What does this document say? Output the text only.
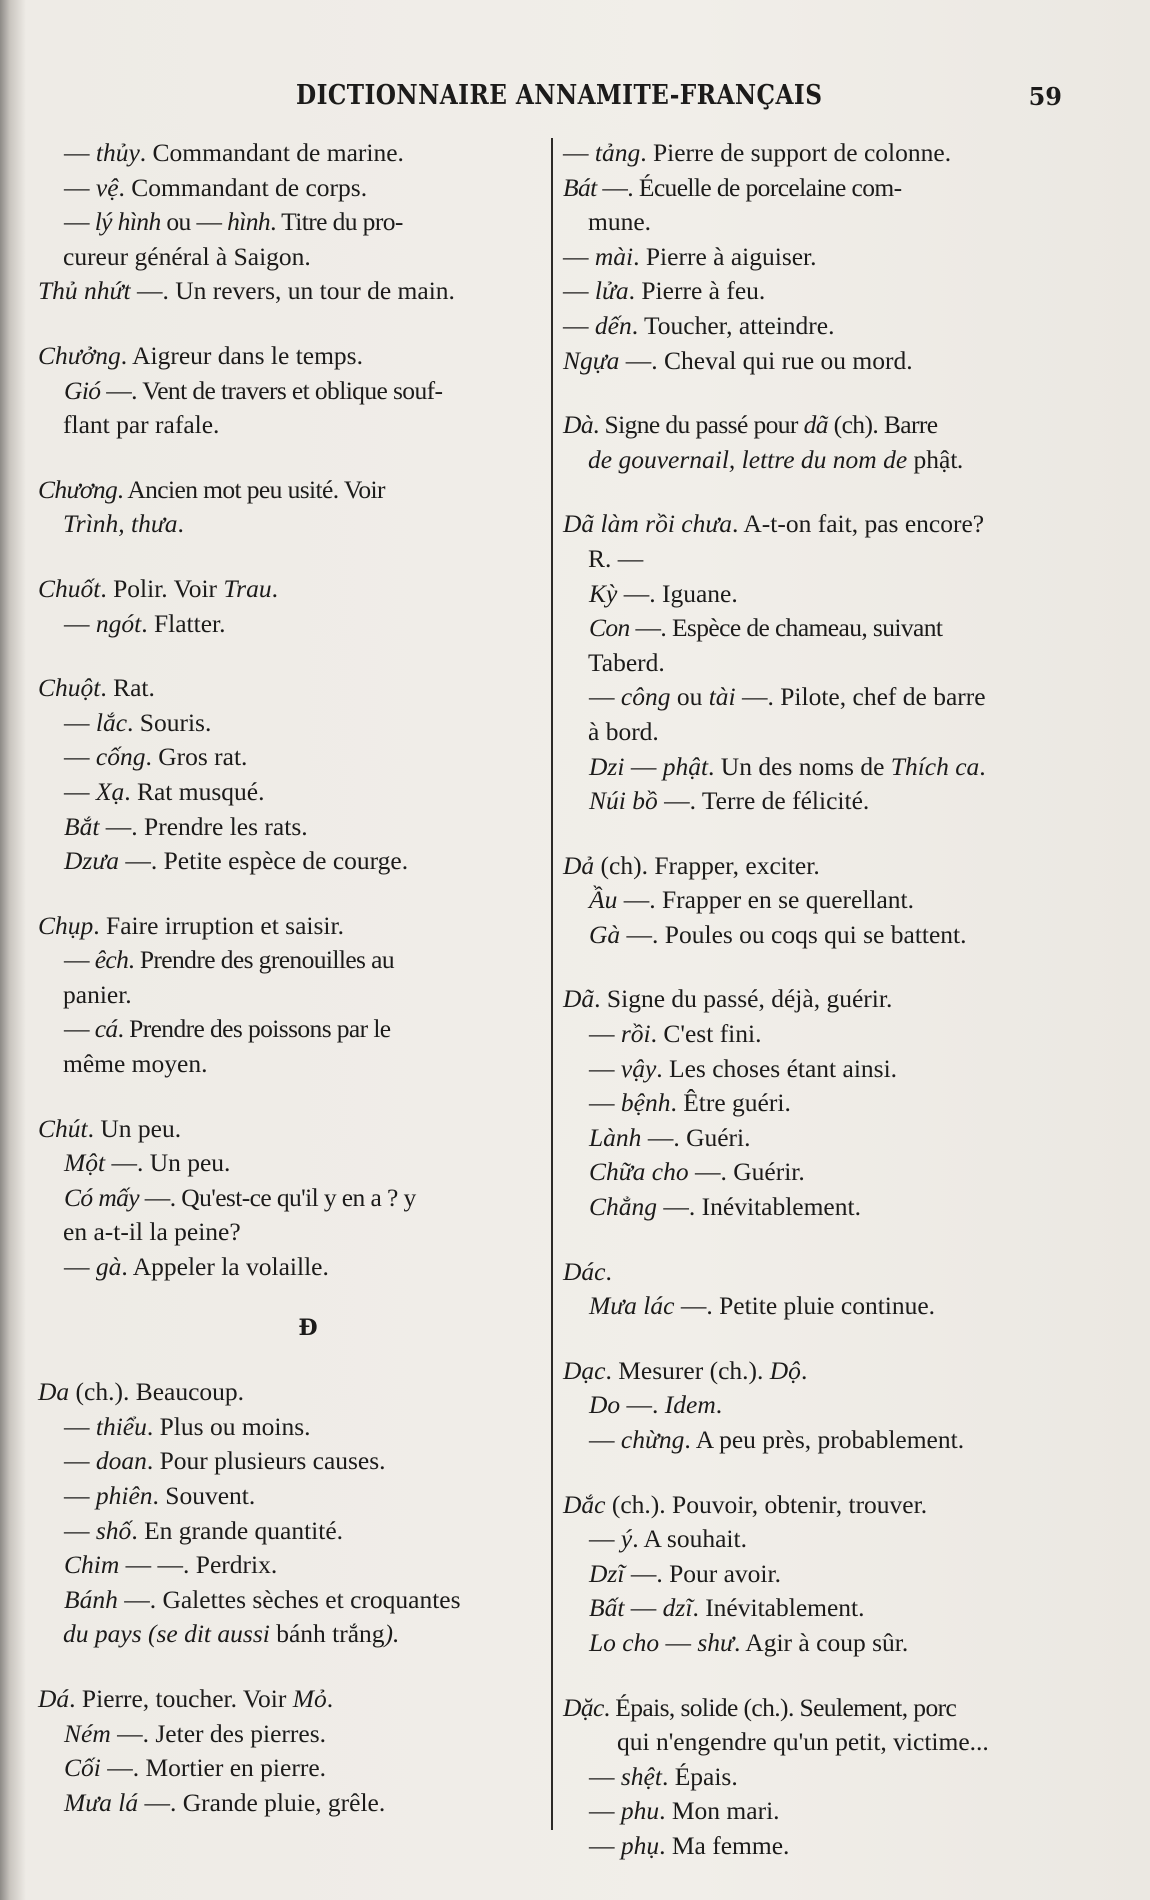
DICTIONNAIRE ANNAMITE-FRANÇAIS	59
— thủy. Commandant de marine.
— vệ. Commandant de corps.
— lý hình ou — hình. Titre du pro-
cureur général à Saigon.
Thủ nhứt —. Un revers, un tour de main.
Chưởng. Aigreur dans le temps.
Gió —. Vent de travers et oblique souf-
flant par rafale.
Chương. Ancien mot peu usité. Voir
Trình, thưa.
Chuốt. Polir. Voir Trau.
— ngót. Flatter.
Chuột. Rat.
— lắc. Souris.
— cống. Gros rat.
— Xạ. Rat musqué.
Bắt —. Prendre les rats.
Dzưa —. Petite espèce de courge.
Chụp. Faire irruption et saisir.
— êch. Prendre des grenouilles au
panier.
— cá. Prendre des poissons par le
même moyen.
Chút. Un peu.
Một —. Un peu.
Có mấy —. Qu'est-ce qu'il y en a ? y
en a-t-il la peine?
— gà. Appeler la volaille.
Đ
Da (ch.). Beaucoup.
— thiểu. Plus ou moins.
— doan. Pour plusieurs causes.
— phiên. Souvent.
— shố. En grande quantité.
Chim — —. Perdrix.
Bánh —. Galettes sèches et croquantes
du pays (se dit aussi bánh trắng).
Dá. Pierre, toucher. Voir Mỏ.
Ném —. Jeter des pierres.
Cối —. Mortier en pierre.
Mưa lá —. Grande pluie, grêle.
— tảng. Pierre de support de colonne.
Bát —. Écuelle de porcelaine com-
mune.
— mài. Pierre à aiguiser.
— lửa. Pierre à feu.
— dến. Toucher, atteindre.
Ngựa —. Cheval qui rue ou mord.
Dà. Signe du passé pour dã (ch). Barre
de gouvernail, lettre du nom de phật.
Dã làm rồi chưa. A-t-on fait, pas encore?
R. —
Kỳ —. Iguane.
Con —. Espèce de chameau, suivant
Taberd.
— công ou tài —. Pilote, chef de barre
à bord.
Dzi — phật. Un des noms de Thích ca.
Núi bồ —. Terre de félicité.
Dả (ch). Frapper, exciter.
Ầu —. Frapper en se querellant.
Gà —. Poules ou coqs qui se battent.
Dã. Signe du passé, déjà, guérir.
— rồi. C'est fini.
— vậy. Les choses étant ainsi.
— bệnh. Être guéri.
Lành —. Guéri.
Chữa cho —. Guérir.
Chẳng —. Inévitablement.
Dác.
Mưa lác —. Petite pluie continue.
Dạc. Mesurer (ch.). Dộ.
Do —. Idem.
— chừng. A peu près, probablement.
Dắc (ch.). Pouvoir, obtenir, trouver.
— ý. A souhait.
Dzĩ —. Pour avoir.
Bất — dzĩ. Inévitablement.
Lo cho — shư. Agir à coup sûr.
Dặc. Épais, solide (ch.). Seulement, porc
qui n'engendre qu'un petit, victime...
— shệt. Épais.
— phu. Mon mari.
— phụ. Ma femme.
